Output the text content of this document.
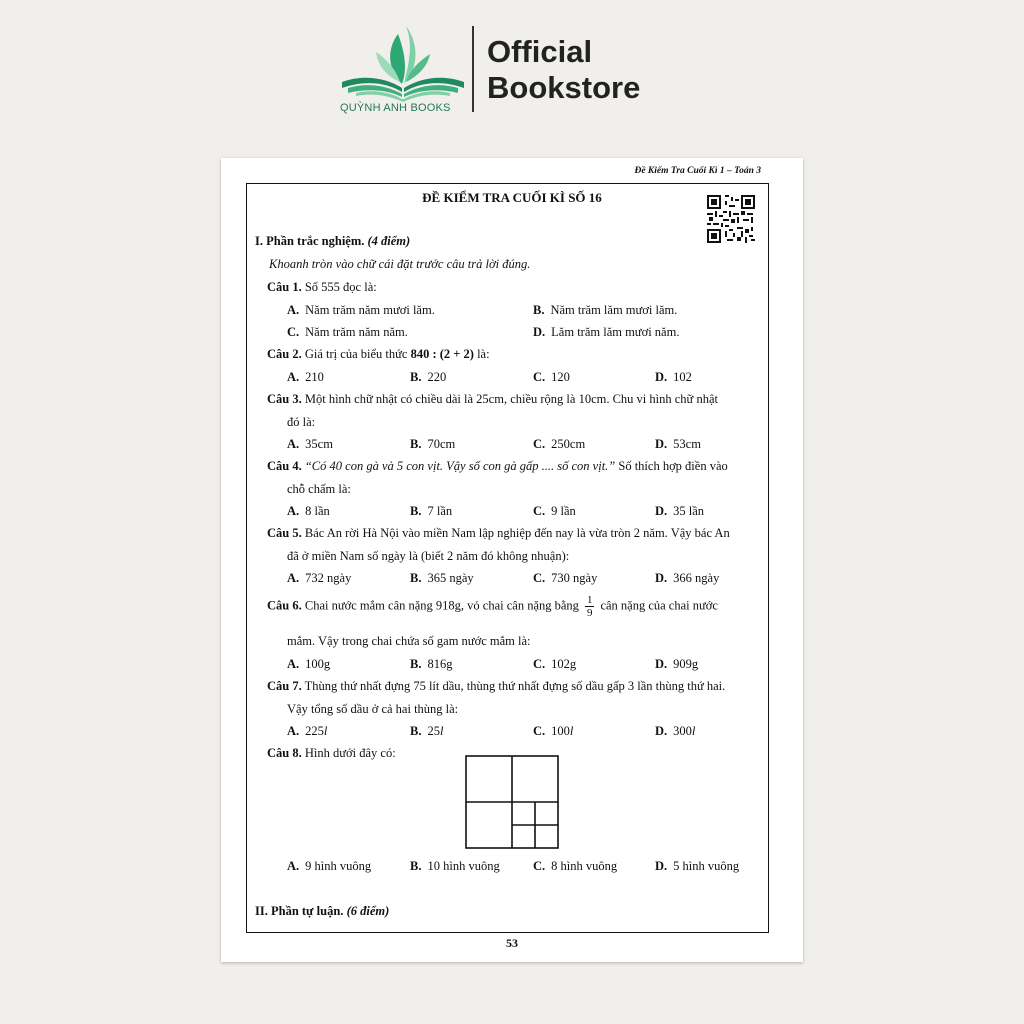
QUỲNH ANH BOOKS
Official
Bookstore
Đề Kiểm Tra Cuối Kì 1 – Toán 3
ĐỀ KIỂM TRA CUỐI KÌ SỐ 16
I. Phần trắc nghiệm. (4 điểm)
Khoanh tròn vào chữ cái đặt trước câu trả lời đúng.
Câu 1. Số 555 đọc là:
A. Năm trăm năm mươi lăm.	B. Năm trăm lăm mươi lăm.
C. Năm trăm năm năm.	D. Lăm trăm lăm mươi năm.
Câu 2. Giá trị của biểu thức 840 : (2 + 2) là:
A. 210	B. 220	C. 120	D. 102
Câu 3. Một hình chữ nhật có chiều dài là 25cm, chiều rộng là 10cm. Chu vi hình chữ nhật
đó là:
A. 35cm	B. 70cm	C. 250cm	D. 53cm
Câu 4. “Có 40 con gà và 5 con vịt. Vậy số con gà gấp .... số con vịt.” Số thích hợp điền vào
chỗ chấm là:
A. 8 lần	B. 7 lần	C. 9 lần	D. 35 lần
Câu 5. Bác An rời Hà Nội vào miền Nam lập nghiệp đến nay là vừa tròn 2 năm. Vậy bác An
đã ở miền Nam số ngày là (biết 2 năm đó không nhuận):
A. 732 ngày	B. 365 ngày	C. 730 ngày	D. 366 ngày
Câu 6. Chai nước mắm cân nặng 918g, vỏ chai cân nặng bằng $\frac{1}{9}$ cân nặng của chai nước
mắm. Vậy trong chai chứa số gam nước mắm là:
A. 100g	B. 816g	C. 102g	D. 909g
Câu 7. Thùng thứ nhất đựng 75 lít dầu, thùng thứ nhất đựng số dầu gấp 3 lần thùng thứ hai.
Vậy tổng số dầu ở cả hai thùng là:
A. 225l	B. 25l	C. 100l	D. 300l
Câu 8. Hình dưới đây có:
A. 9 hình vuông	B. 10 hình vuông	C. 8 hình vuông	D. 5 hình vuông
II. Phần tự luận. (6 điểm)
53
